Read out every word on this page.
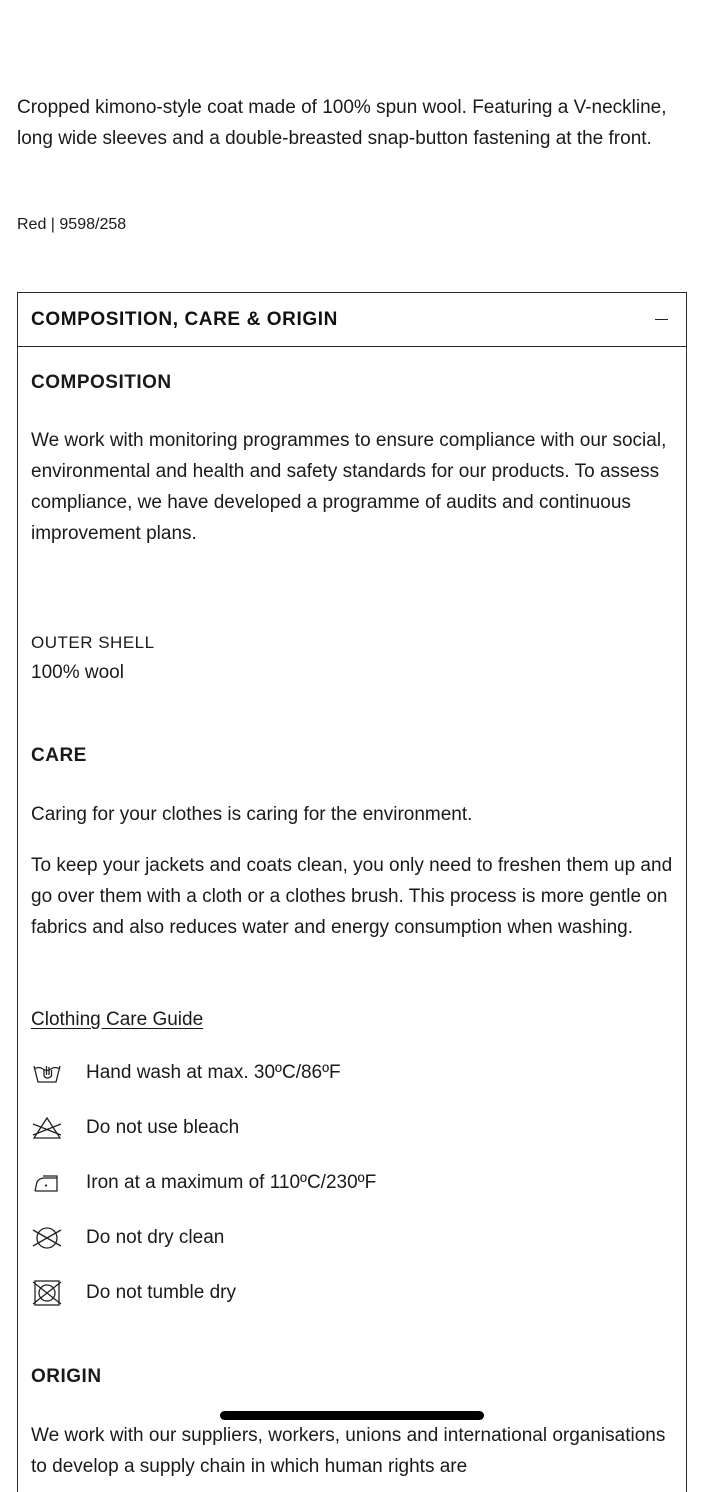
Cropped kimono-style coat made of 100% spun wool. Featuring a V-neckline, long wide sleeves and a double-breasted snap-button fastening at the front.

Red | 9598/258

COMPOSITION, CARE & ORIGIN
COMPOSITION

We work with monitoring programmes to ensure compliance with our social, environmental and health and safety standards for our products. To assess compliance, we have developed a programme of audits and continuous improvement plans.

OUTER SHELL

100% wool

CARE

Caring for your clothes is caring for the environment.

To keep your jackets and coats clean, you only need to freshen them up and go over them with a cloth or a clothes brush. This process is more gentle on fabrics and also reduces water and energy consumption when washing.

Clothing Care Guide
Hand wash at max. 30ºC/86ºF
Do not use bleach
Iron at a maximum of 110ºC/230ºF
Do not dry clean
Do not tumble dry
ORIGIN

We work with our suppliers, workers, unions and international organisations to develop a supply chain in which human rights are
